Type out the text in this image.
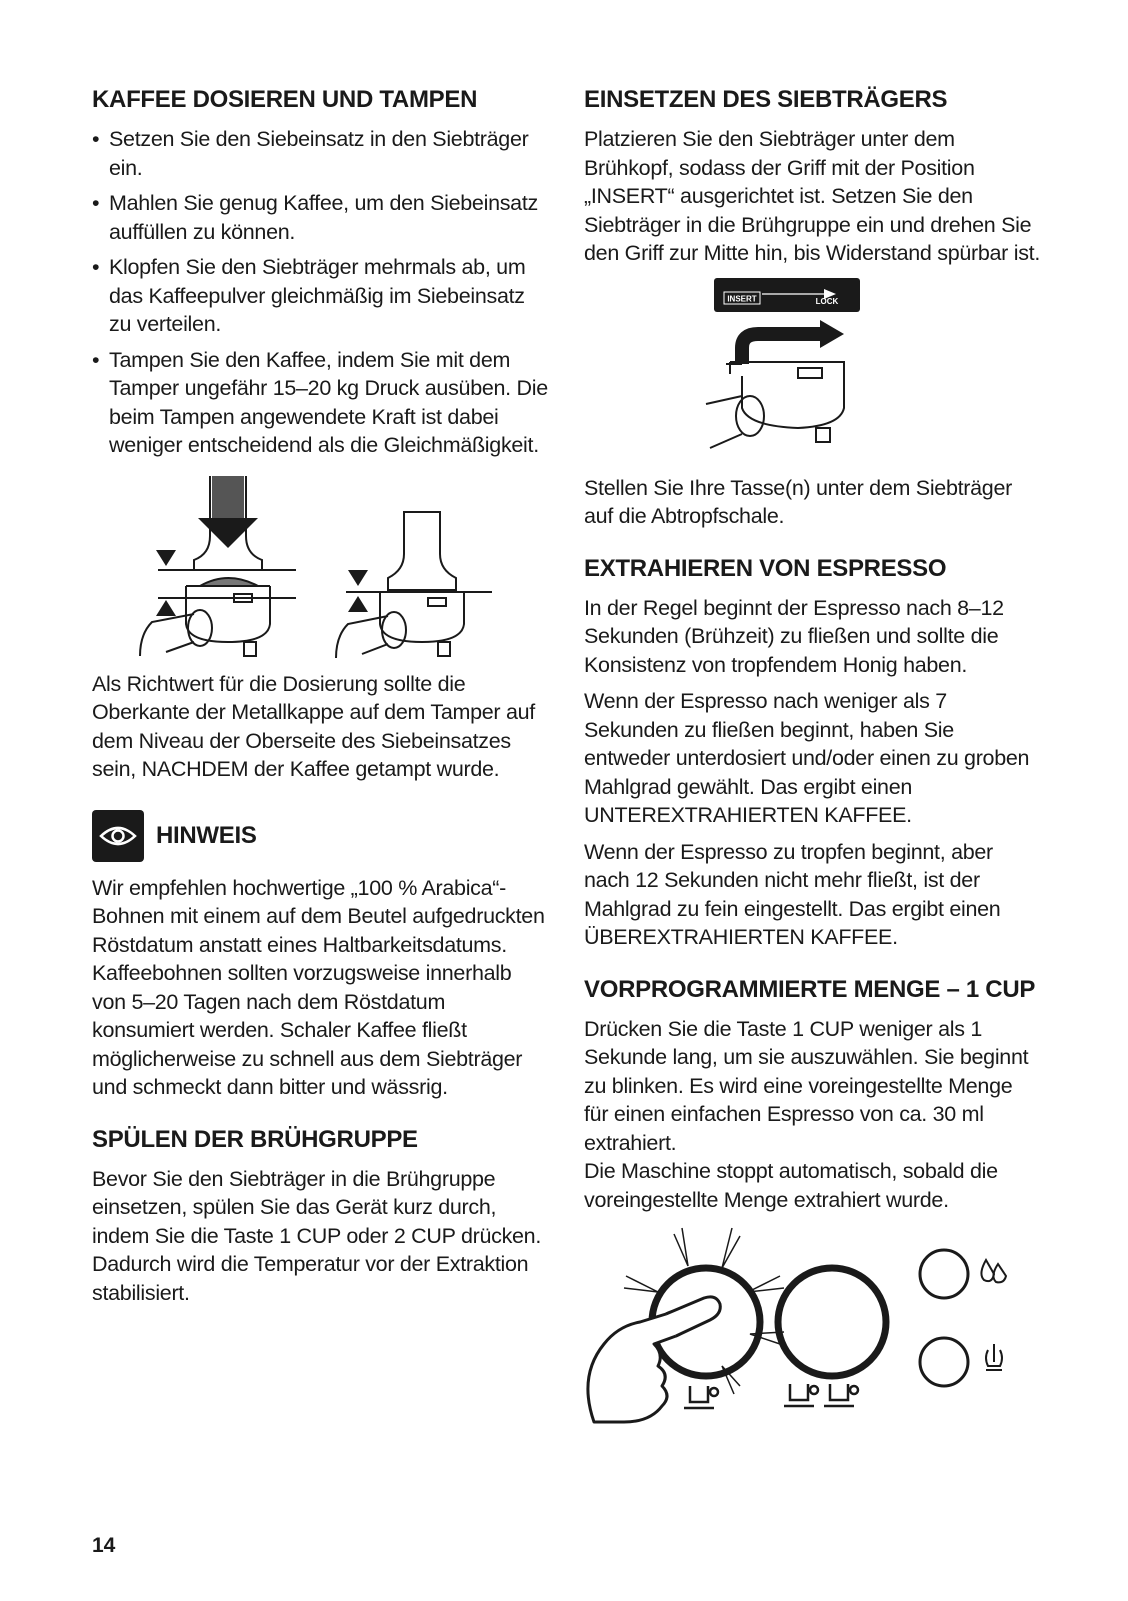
KAFFEE DOSIEREN UND TAMPEN
• Setzen Sie den Siebeinsatz in den Siebträger ein.
• Mahlen Sie genug Kaffee, um den Siebeinsatz auffüllen zu können.
• Klopfen Sie den Siebträger mehrmals ab, um das Kaffeepulver gleichmäßig im Siebeinsatz zu verteilen.
• Tampen Sie den Kaffee, indem Sie mit dem Tamper ungefähr 15–20 kg Druck ausüben. Die beim Tampen angewendete Kraft ist dabei weniger entscheidend als die Gleichmäßigkeit.

Als Richtwert für die Dosierung sollte die Oberkante der Metallkappe auf dem Tamper auf dem Niveau der Oberseite des Siebeinsatzes sein, NACHDEM der Kaffee getampt wurde.

HINWEIS

Wir empfehlen hochwertige „100 % Arabica“-Bohnen mit einem auf dem Beutel aufgedruckten Röstdatum anstatt eines Haltbarkeitsdatums. Kaffeebohnen sollten vorzugsweise innerhalb von 5–20 Tagen nach dem Röstdatum konsumiert werden. Schaler Kaffee fließt möglicherweise zu schnell aus dem Siebträger und schmeckt dann bitter und wässrig.

SPÜLEN DER BRÜHGRUPPE

Bevor Sie den Siebträger in die Brühgruppe einsetzen, spülen Sie das Gerät kurz durch, indem Sie die Taste 1 CUP oder 2 CUP drücken. Dadurch wird die Temperatur vor der Extraktion stabilisiert.

EINSETZEN DES SIEBTRÄGERS

Platzieren Sie den Siebträger unter dem Brühkopf, sodass der Griff mit der Position „INSERT“ ausgerichtet ist. Setzen Sie den Siebträger in die Brühgruppe ein und drehen Sie den Griff zur Mitte hin, bis Widerstand spürbar ist.

INSERT	LOCK

Stellen Sie Ihre Tasse(n) unter dem Siebträger auf die Abtropfschale.

EXTRAHIEREN VON ESPRESSO

In der Regel beginnt der Espresso nach 8–12 Sekunden (Brühzeit) zu fließen und sollte die Konsistenz von tropfendem Honig haben.

Wenn der Espresso nach weniger als 7 Sekunden zu fließen beginnt, haben Sie entweder unterdosiert und/oder einen zu groben Mahlgrad gewählt. Das ergibt einen UNTEREXTRAHIERTEN KAFFEE.

Wenn der Espresso zu tropfen beginnt, aber nach 12 Sekunden nicht mehr fließt, ist der Mahlgrad zu fein eingestellt. Das ergibt einen ÜBEREXTRAHIERTEN KAFFEE.

VORPROGRAMMIERTE MENGE – 1 CUP

Drücken Sie die Taste 1 CUP weniger als 1 Sekunde lang, um sie auszuwählen. Sie beginnt zu blinken. Es wird eine voreingestellte Menge für einen einfachen Espresso von ca. 30 ml extrahiert.

Die Maschine stoppt automatisch, sobald die voreingestellte Menge extrahiert wurde.

14
